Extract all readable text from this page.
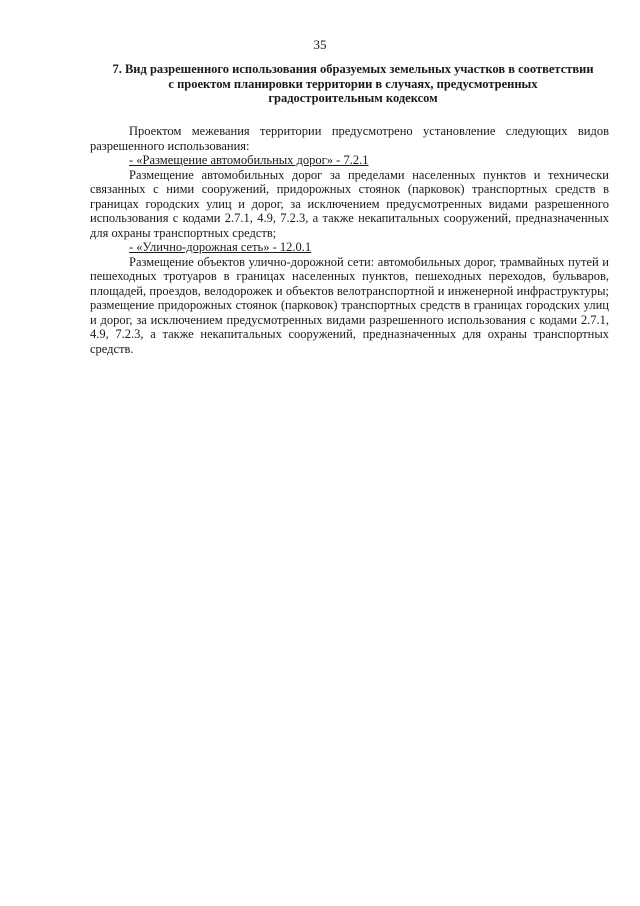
35
7. Вид разрешенного использования образуемых земельных участков в соответствии
с проектом планировки территории в случаях, предусмотренных
градостроительным кодексом

Проектом межевания территории предусмотрено установление следующих видов разрешенного использования:

- «Размещение автомобильных дорог» - 7.2.1

Размещение автомобильных дорог за пределами населенных пунктов и технически связанных с ними сооружений, придорожных стоянок (парковок) транспортных средств в границах городских улиц и дорог, за исключением предусмотренных видами разрешенного использования с кодами 2.7.1, 4.9, 7.2.3, а также некапитальных сооружений, предназначенных для охраны транспортных средств;

- «Улично-дорожная сеть» - 12.0.1

Размещение объектов улично-дорожной сети: автомобильных дорог, трамвайных путей и пешеходных тротуаров в границах населенных пунктов, пешеходных переходов, бульваров, площадей, проездов, велодорожек и объектов велотранспортной и инженерной инфраструктуры; размещение придорожных стоянок (парковок) транспортных средств в границах городских улиц и дорог, за исключением предусмотренных видами разрешенного использования с кодами 2.7.1, 4.9, 7.2.3, а также некапитальных сооружений, предназначенных для охраны транспортных средств.
